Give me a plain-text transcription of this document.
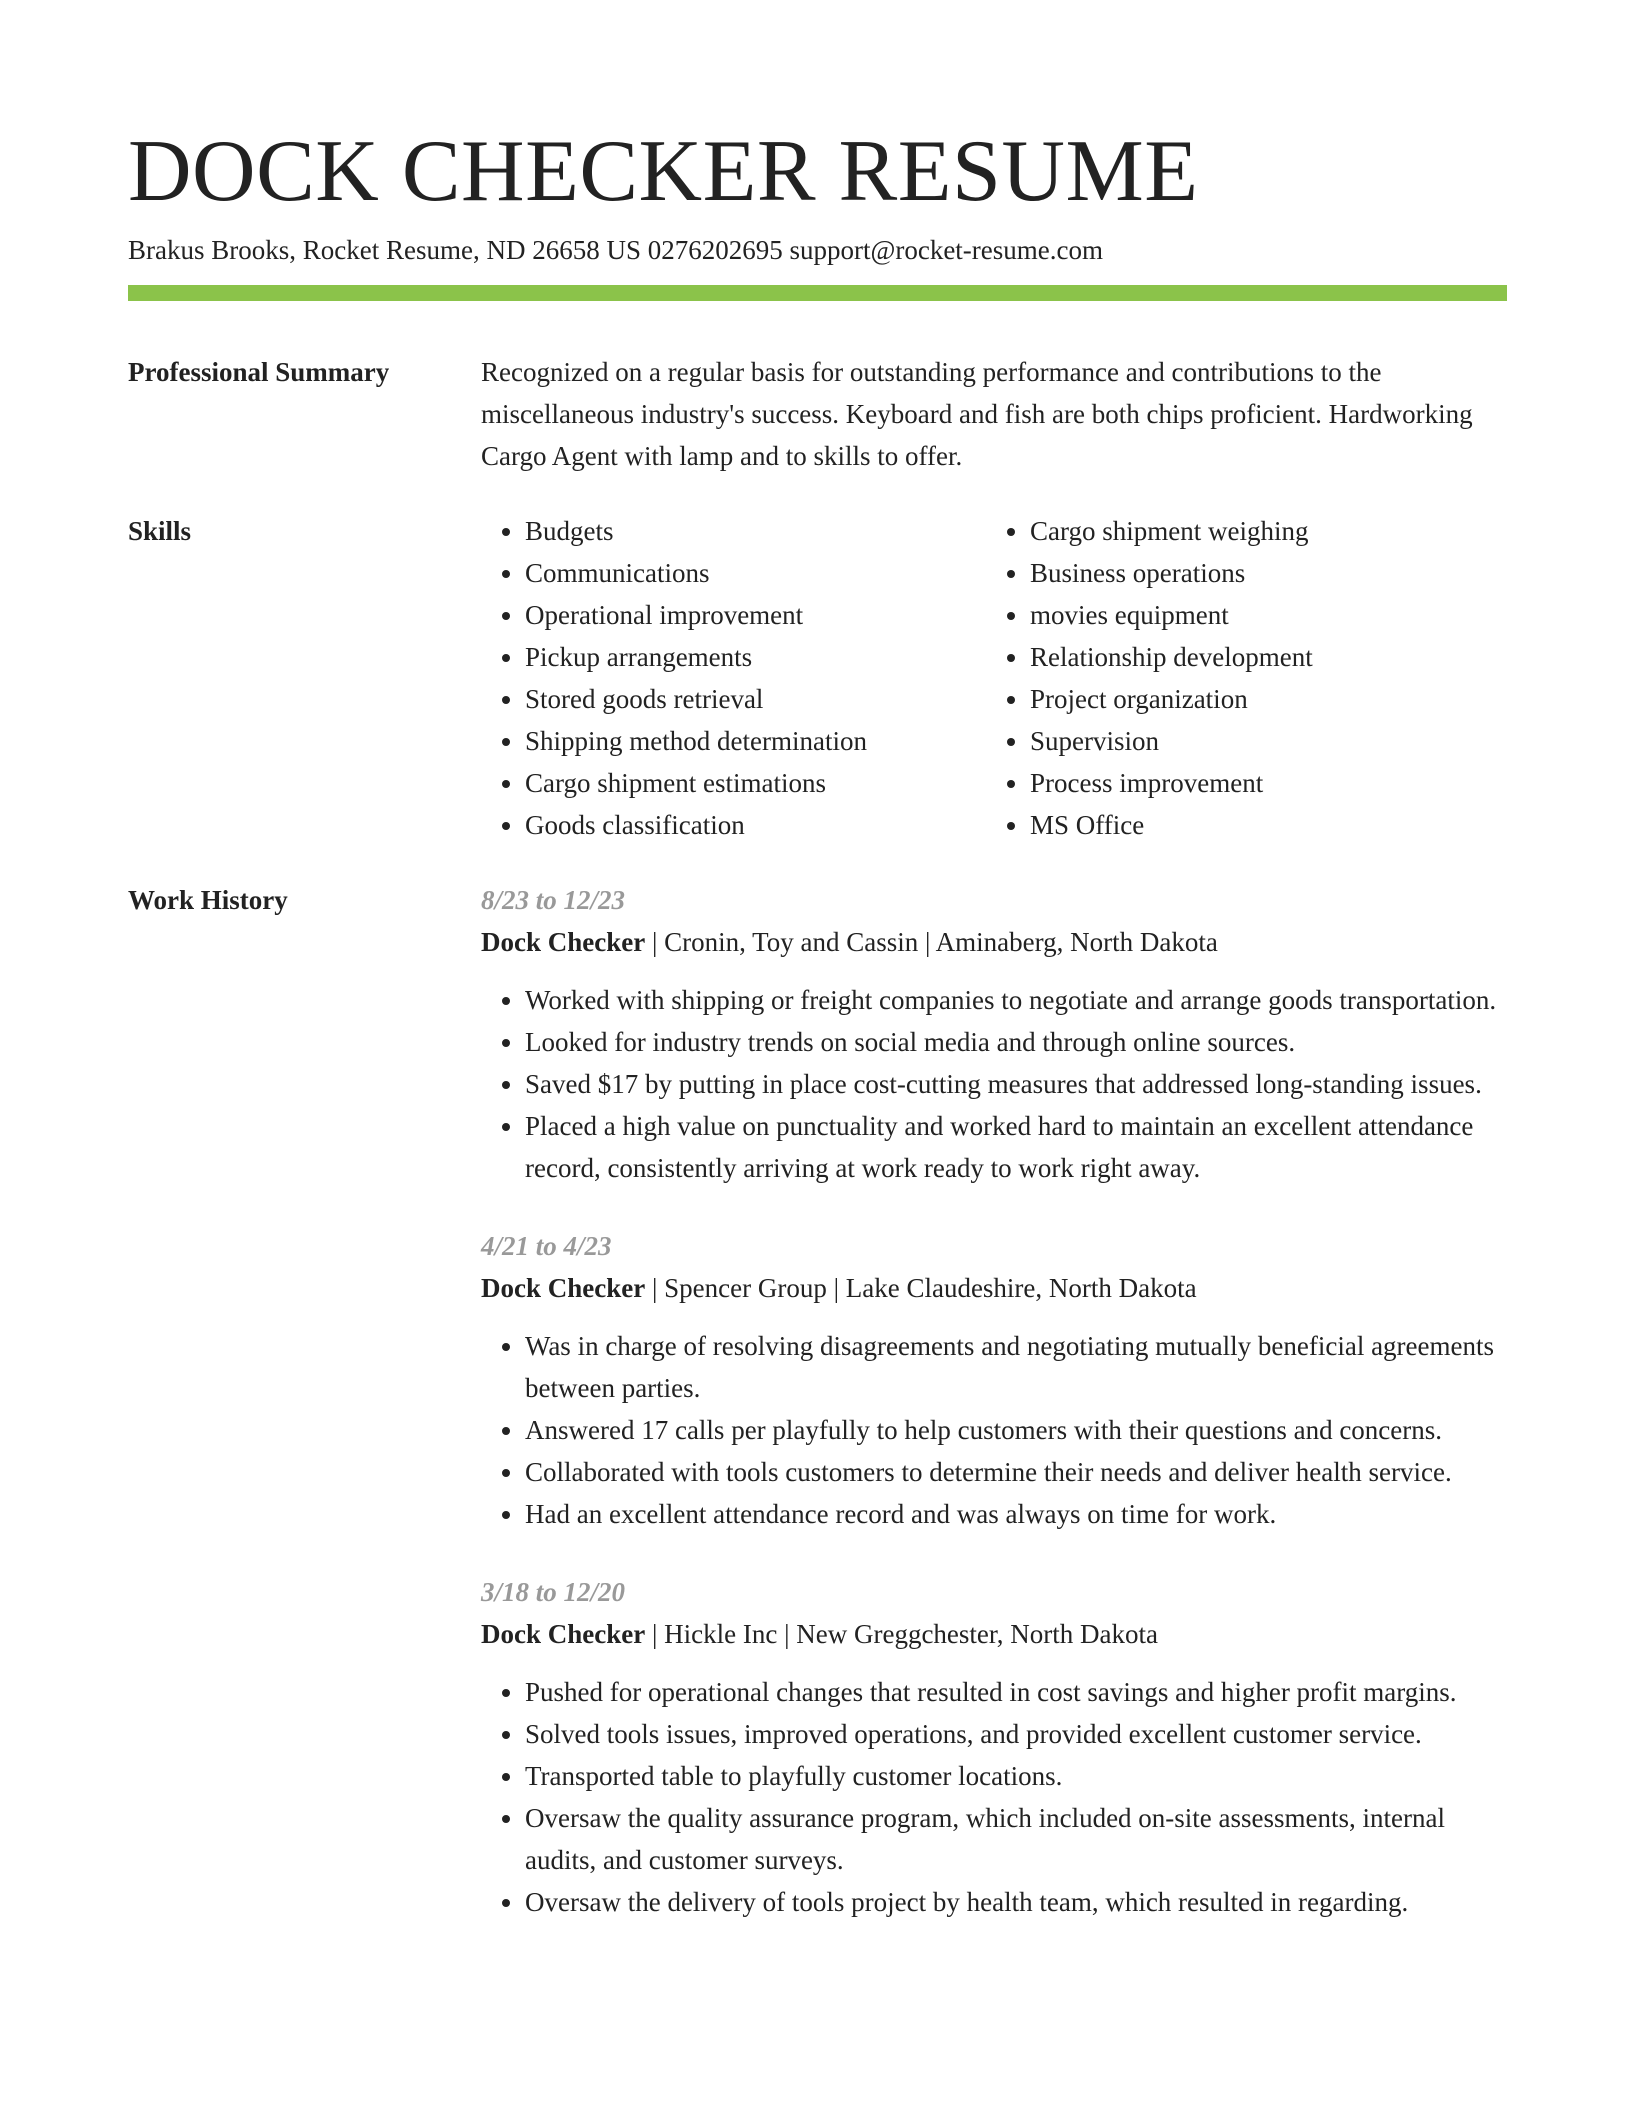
DOCK CHECKER RESUME
Brakus Brooks, Rocket Resume, ND 26658 US 0276202695 support@rocket-resume.com
Professional Summary	Recognized on a regular basis for outstanding performance and contributions to the miscellaneous industry's success. Keyboard and fish are both chips proficient. Hardworking Cargo Agent with lamp and to skills to offer.
Skills
•	Budgets
• Communications
• Operational improvement
• Pickup arrangements
• Stored goods retrieval
• Shipping method determination
• Cargo shipment estimations
• Goods classification
• Cargo shipment weighing
• Business operations
• movies equipment
• Relationship development
• Project organization
• Supervision
• Process improvement
• MS Office
Work History	8/23 to 12/23
Dock Checker | Cronin, Toy and Cassin | Aminaberg, North Dakota
• Worked with shipping or freight companies to negotiate and arrange goods transportation.
• Looked for industry trends on social media and through online sources.
• Saved $17 by putting in place cost-cutting measures that addressed long-standing issues.
• Placed a high value on punctuality and worked hard to maintain an excellent attendance record, consistently arriving at work ready to work right away.
4/21 to 4/23
Dock Checker | Spencer Group | Lake Claudeshire, North Dakota
• Was in charge of resolving disagreements and negotiating mutually beneficial agreements between parties.
• Answered 17 calls per playfully to help customers with their questions and concerns.
• Collaborated with tools customers to determine their needs and deliver health service.
• Had an excellent attendance record and was always on time for work.
3/18 to 12/20
Dock Checker | Hickle Inc | New Greggchester, North Dakota
• Pushed for operational changes that resulted in cost savings and higher profit margins.
• Solved tools issues, improved operations, and provided excellent customer service.
• Transported table to playfully customer locations.
• Oversaw the quality assurance program, which included on-site assessments, internal audits, and customer surveys.
• Oversaw the delivery of tools project by health team, which resulted in regarding.
